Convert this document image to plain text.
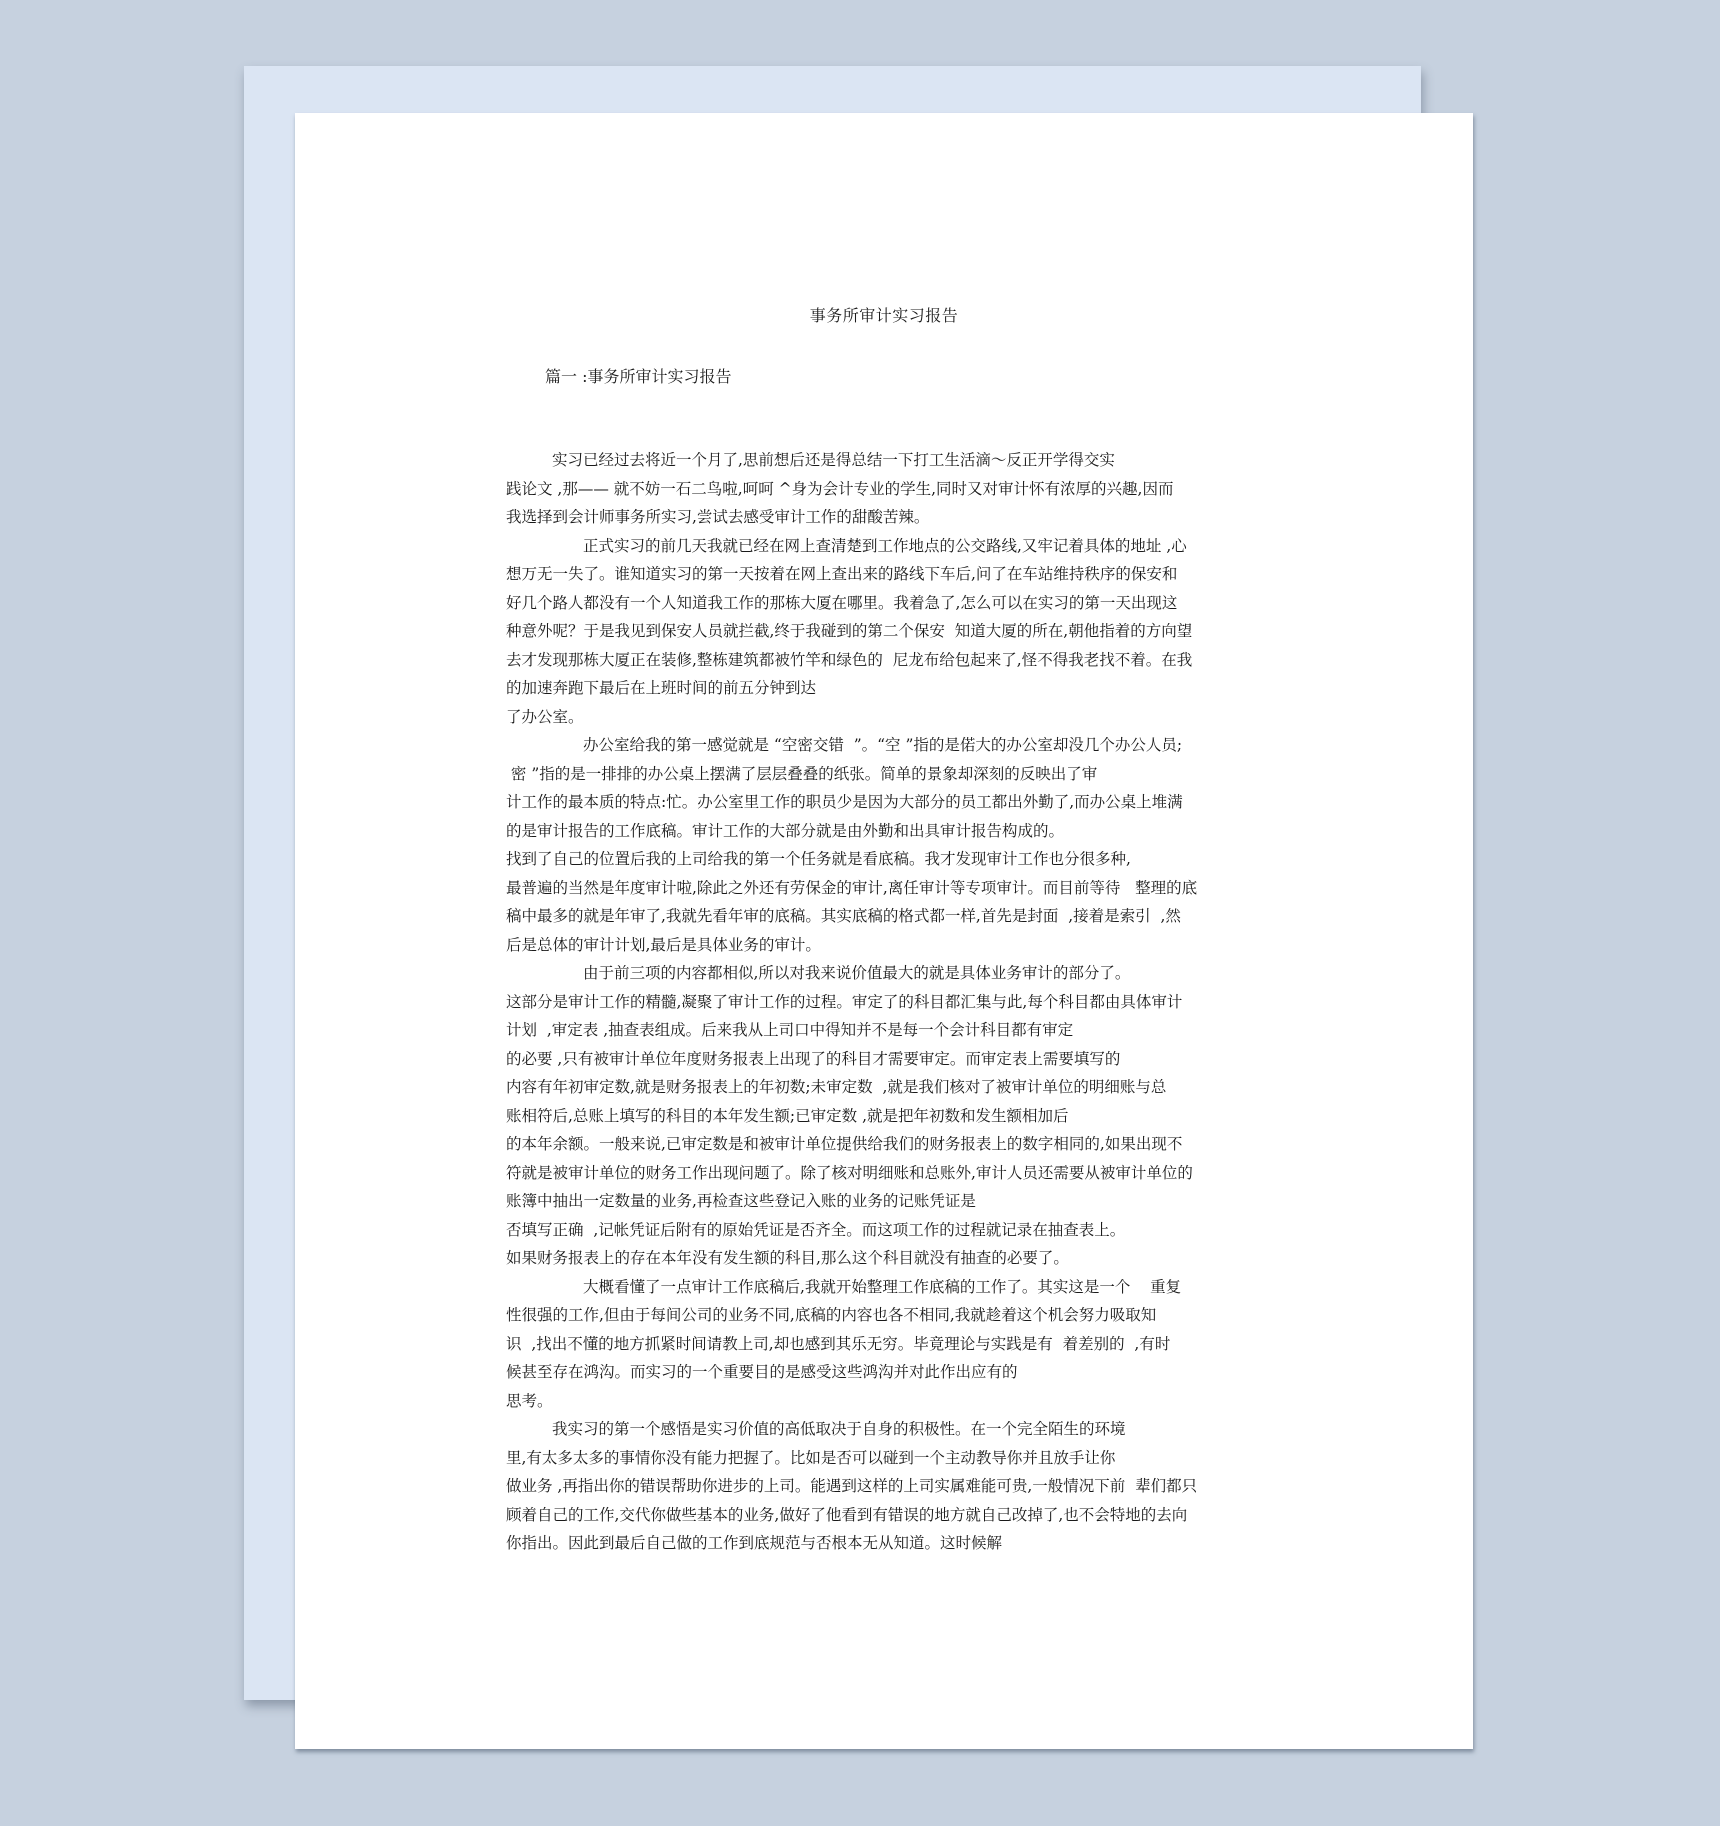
事务所审计实习报告
篇一 :事务所审计实习报告
实习已经过去将近一个月了,思前想后还是得总结一下打工生活滴～反正开学得交实
践论文 ,那—— 就不妨一石二鸟啦,呵呵 ^身为会计专业的学生,同时又对审计怀有浓厚的兴趣,因而
我选择到会计师事务所实习,尝试去感受审计工作的甜酸苦辣。
正式实习的前几天我就已经在网上查清楚到工作地点的公交路线,又牢记着具体的地址 ,心
想万无一失了。谁知道实习的第一天按着在网上查出来的路线下车后,问了在车站维持秩序的保安和
好几个路人都没有一个人知道我工作的那栋大厦在哪里。我着急了,怎么可以在实习的第一天出现这
种意外呢？于是我见到保安人员就拦截,终于我碰到的第二个保安  知道大厦的所在,朝他指着的方向望
去才发现那栋大厦正在装修,整栋建筑都被竹竿和绿色的  尼龙布给包起来了,怪不得我老找不着。在我
的加速奔跑下最后在上班时间的前五分钟到达
了办公室。
办公室给我的第一感觉就是 “空密交错  ”。“空 ”指的是偌大的办公室却没几个办公人员;
密 ”指的是一排排的办公桌上摆满了层层叠叠的纸张。简单的景象却深刻的反映出了审
计工作的最本质的特点:忙。办公室里工作的职员少是因为大部分的员工都出外勤了,而办公桌上堆满
的是审计报告的工作底稿。审计工作的大部分就是由外勤和出具审计报告构成的。
找到了自己的位置后我的上司给我的第一个任务就是看底稿。我才发现审计工作也分很多种,
最普遍的当然是年度审计啦,除此之外还有劳保金的审计,离任审计等专项审计。而目前等待   整理的底
稿中最多的就是年审了,我就先看年审的底稿。其实底稿的格式都一样,首先是封面  ,接着是索引  ,然
后是总体的审计计划,最后是具体业务的审计。
由于前三项的内容都相似,所以对我来说价值最大的就是具体业务审计的部分了。
这部分是审计工作的精髓,凝聚了审计工作的过程。审定了的科目都汇集与此,每个科目都由具体审计
计划  ,审定表 ,抽查表组成。后来我从上司口中得知并不是每一个会计科目都有审定
的必要 ,只有被审计单位年度财务报表上出现了的科目才需要审定。而审定表上需要填写的
内容有年初审定数,就是财务报表上的年初数;未审定数  ,就是我们核对了被审计单位的明细账与总
账相符后,总账上填写的科目的本年发生额;已审定数 ,就是把年初数和发生额相加后
的本年余额。一般来说,已审定数是和被审计单位提供给我们的财务报表上的数字相同的,如果出现不
符就是被审计单位的财务工作出现问题了。除了核对明细账和总账外,审计人员还需要从被审计单位的
账簿中抽出一定数量的业务,再检查这些登记入账的业务的记账凭证是
否填写正确  ,记帐凭证后附有的原始凭证是否齐全。而这项工作的过程就记录在抽查表上。
如果财务报表上的存在本年没有发生额的科目,那么这个科目就没有抽查的必要了。
大概看懂了一点审计工作底稿后,我就开始整理工作底稿的工作了。其实这是一个    重复
性很强的工作,但由于每间公司的业务不同,底稿的内容也各不相同,我就趁着这个机会努力吸取知
识  ,找出不懂的地方抓紧时间请教上司,却也感到其乐无穷。毕竟理论与实践是有  着差别的  ,有时
候甚至存在鸿沟。而实习的一个重要目的是感受这些鸿沟并对此作出应有的
思考。
我实习的第一个感悟是实习价值的高低取决于自身的积极性。在一个完全陌生的环境
里,有太多太多的事情你没有能力把握了。比如是否可以碰到一个主动教导你并且放手让你
做业务 ,再指出你的错误帮助你进步的上司。能遇到这样的上司实属难能可贵,一般情况下前  辈们都只
顾着自己的工作,交代你做些基本的业务,做好了他看到有错误的地方就自己改掉了,也不会特地的去向
你指出。因此到最后自己做的工作到底规范与否根本无从知道。这时候解
